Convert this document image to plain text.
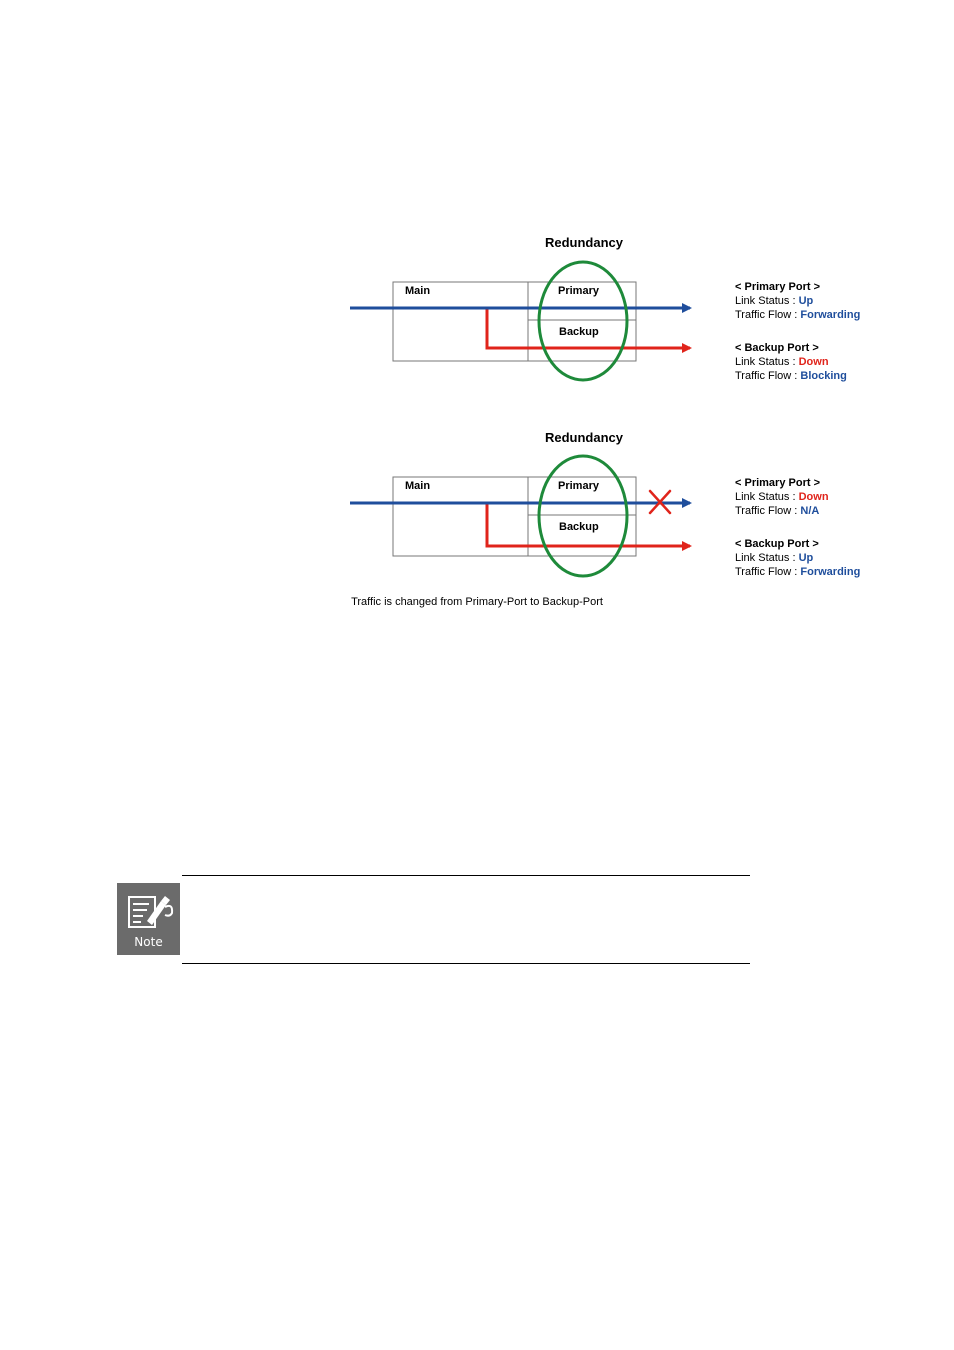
Redundancy
Main	Primary
Backup
< Primary Port >
Link Status : Up
Traffic Flow : Forwarding
< Backup Port >
Link Status : Down
Traffic Flow : Blocking
Redundancy
Main	Primary
Backup
< Primary Port >
Link Status : Down
Traffic Flow : N/A
< Backup Port >
Link Status : Up
Traffic Flow : Forwarding
Traffic is changed from Primary-Port to Backup-Port
Note
